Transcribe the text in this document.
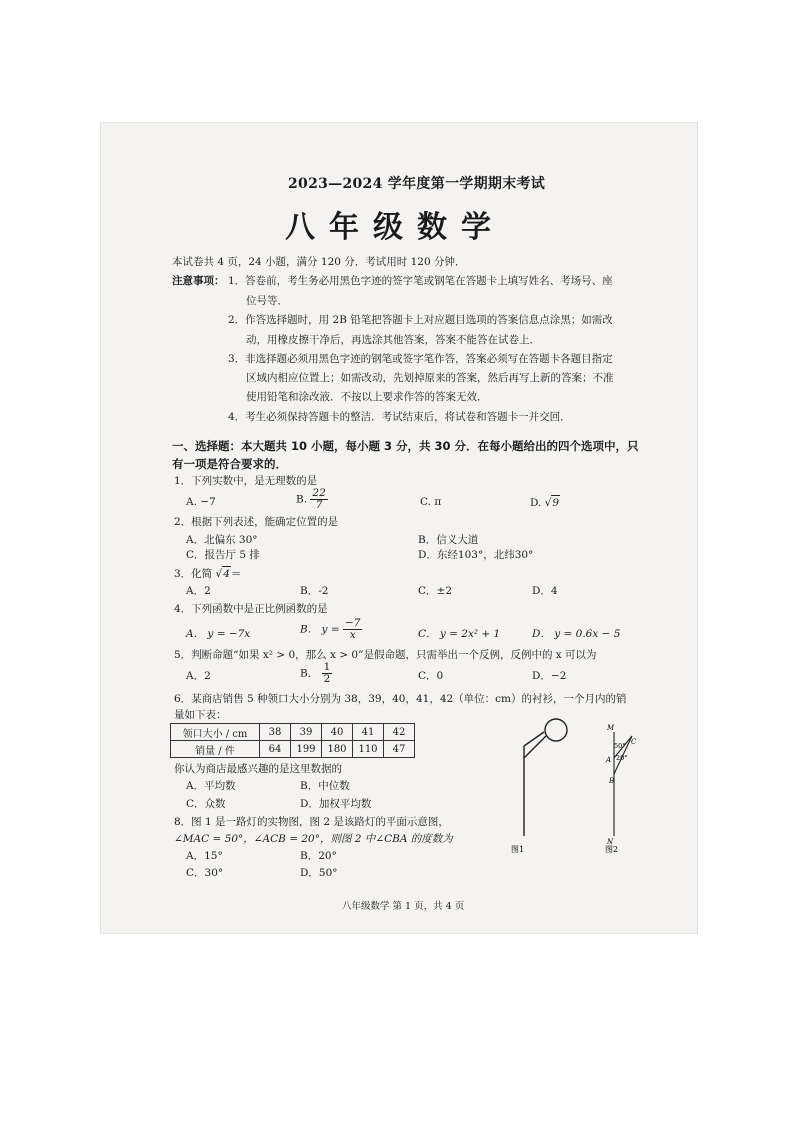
2023—2024 学年度第一学期期末考试
八年级数学
本试卷共 4 页，24 小题，满分 120 分．考试用时 120 分钟．
注意事项： 1．答卷前，考生务必用黑色字迹的签字笔或钢笔在答题卡上填写姓名、考场号、座
位号等．
2．作答选择题时，用 2B 铅笔把答题卡上对应题目选项的答案信息点涂黑；如需改
动，用橡皮擦干净后，再选涂其他答案，答案不能答在试卷上．
3．非选择题必须用黑色字迹的钢笔或签字笔作答，答案必须写在答题卡各题目指定
区域内相应位置上；如需改动，先划掉原来的答案，然后再写上新的答案；不准
使用铅笔和涂改液．不按以上要求作答的答案无效．
4．考生必须保持答题卡的整洁．考试结束后，将试卷和答题卡一并交回．
一、选择题：本大题共 10 小题，每小题 3 分，共 30 分．在每小题给出的四个选项中，只
有一项是符合要求的．
1．下列实数中，是无理数的是
A. −7	B. $\frac{22}{7}$	C. π	D. √9
2．根据下列表述，能确定位置的是
A．北偏东 30°	B．信义大道
C．报告厅 5 排	D．东经103°，北纬30°
3．化简 √4＝
A．2	B．-2	C．±2	D．4
4．下列函数中是正比例函数的是
A． y = −7x	B． $y = \frac{-7}{x}$	C． y = 2x² + 1	D． y = 0.6x − 5
5．判断命题“如果 x² > 0，那么 x > 0”是假命题，只需举出一个反例，反例中的 x 可以为
A．2	B． $\frac{1}{2}$	C．0	D．−2
6．某商店销售 5 种领口大小分别为 38，39，40，41，42（单位：cm）的衬衫，一个月内的销
量如下表：
领口大小 / cm	38	39	40	41	42
销量 / 件	64	199	180	110	47
你认为商店最感兴趣的是这里数据的
A．平均数	B．中位数
C．众数	D．加权平均数
8．图 1 是一路灯的实物图，图 2 是该路灯的平面示意图，
∠MAC = 50°，∠ACB = 20°，则图 2 中∠CBA 的度数为
A．15°	B．20°
C．30°	D．50°
图1	图2
M
A
B
C
N
50°
20°
八年级数学 第 1 页，共 4 页
